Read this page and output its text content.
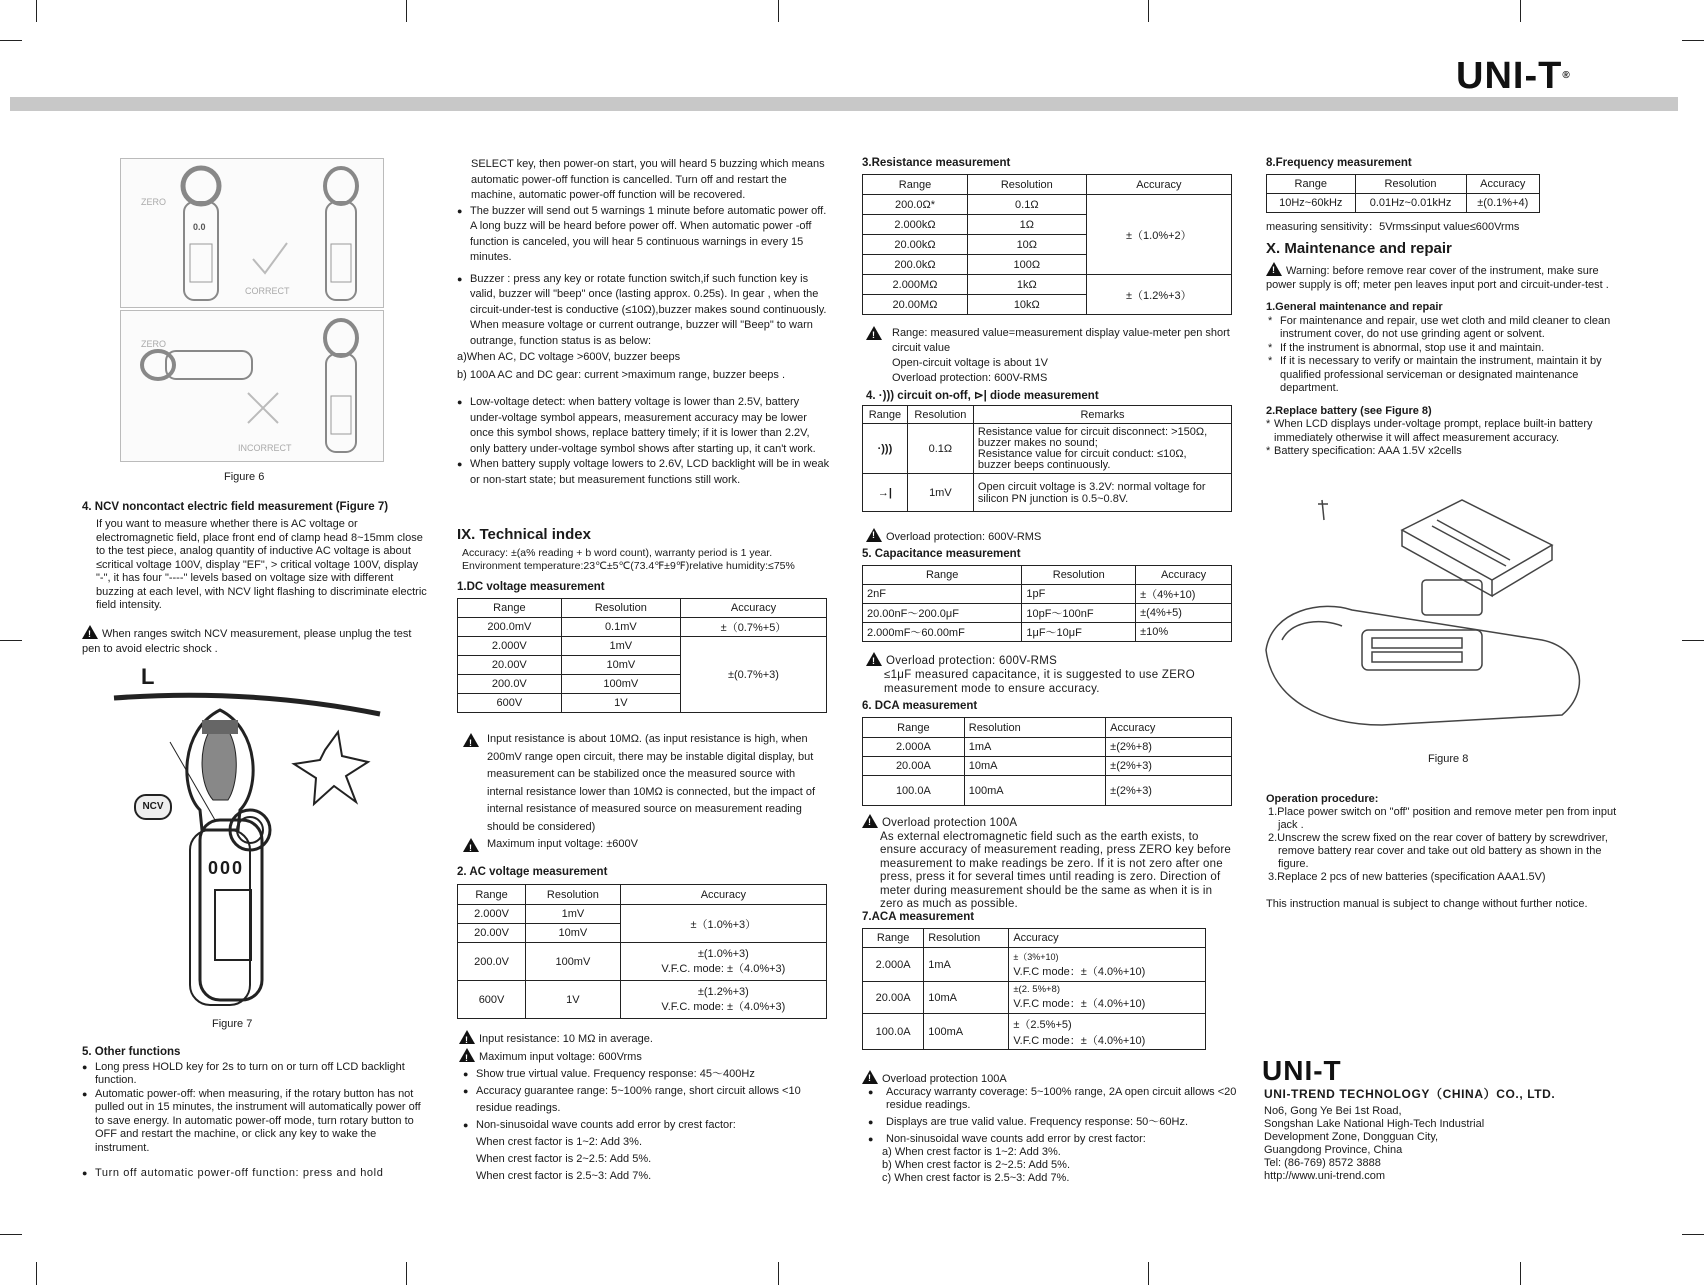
UNI-T®
ZERO
0.0
CORRECT
ZERO
INCORRECT
Figure 6

4. NCV noncontact electric field measurement (Figure 7)

If you want to measure whether there is AC voltage or electromagnetic field, place front end of clamp head 8~15mm close to the test piece, analog quantity of inductive AC voltage is about ≤critical voltage 100V, display "EF", > critical voltage 100V, display "-", it has four "----" levels based on voltage size with different buzzing at each level, with NCV light flashing to discriminate electric field intensity.

!When ranges switch NCV measurement, please unplug the test pen to avoid electric shock .

L
NCV
000
Figure 7

5. Other functions

● Long press HOLD key for 2s to turn on or turn off LCD backlight function.

● Automatic power-off: when measuring, if the rotary button has not pulled out in 15 minutes, the instrument will automatically power off to save energy. In automatic power-off mode, turn rotary button to OFF and restart the machine, or click any key to wake the instrument.

● Turn off automatic power-off function: press and hold

SELECT key, then power-on start, you will heard 5 buzzing which means automatic power-off function is cancelled. Turn off and restart the machine, automatic power-off function will be recovered.

● The buzzer will send out 5 warnings 1 minute before automatic power off. A long buzz will be heard before power off. When automatic power -off function is canceled, you will hear 5 continuous warnings in every 15 minutes.

● Buzzer : press any key or rotate function switch,if such function key is valid, buzzer will "beep" once (lasting approx. 0.25s). In gear , when the circuit-under-test is conductive (≤10Ω),buzzer makes sound continuously. When measure voltage or current outrange, buzzer will "Beep" to warn outrange, function status is as below:

a)When AC, DC voltage >600V, buzzer beeps

b) 100A AC and DC gear: current >maximum range, buzzer beeps .

● Low-voltage detect: when battery voltage is lower than 2.5V, battery under-voltage symbol appears, measurement accuracy may be lower once this symbol shows, replace battery timely; if it is lower than 2.2V, only battery under-voltage symbol shows after starting up, it can't work.

● When battery supply voltage lowers to 2.6V, LCD backlight will be in weak or non-start state; but measurement functions still work.

IX. Technical index

Accuracy: ±(a% reading + b word count), warranty period is 1 year.

Environment temperature:23℃±5℃(73.4℉±9℉)relative humidity:≤75%

1.DC voltage measurement
Range	Resolution	Accuracy
200.0mV	0.1mV	±（0.7%+5）
2.000V	1mV	±(0.7%+3)
20.00V	10mV	
200.0V	100mV	
600V	1V	

!
Input resistance is about 10MΩ. (as input resistance is high, when 200mV range open circuit, there may be instable digital display, but measurement can be stabilized once the measured source with internal resistance lower than 10MΩ is connected, but the impact of internal resistance of measured source on measurement reading should be considered)

!
Maximum input voltage: ±600V

2. AC voltage measurement
Range	Resolution	Accuracy
2.000V	1mV	±（1.0%+3）
20.00V	10mV	
200.0V	100mV	±(1.0%+3)
V.F.C. mode: ±（4.0%+3)

600V	1V	±(1.2%+3)
V.F.C. mode: ±（4.0%+3)

!Input resistance: 10 MΩ in average.

!Maximum input voltage: 600Vrms

● Show true virtual value. Frequency response: 45～400Hz

● Accuracy guarantee range: 5~100% range, short circuit allows <10 residue readings.

● Non-sinusoidal wave counts add error by crest factor:

When crest factor is 1~2: Add 3%.

When crest factor is 2~2.5: Add 5%.

When crest factor is 2.5~3: Add 7%.

3.Resistance measurement
Range	Resolution	Accuracy
200.0Ω*	0.1Ω	±（1.0%+2）
2.000kΩ	1Ω	
20.00kΩ	10Ω	
200.0kΩ	100Ω	
2.000MΩ	1kΩ	±（1.2%+3）
20.00MΩ	10kΩ	

!
Range: measured value=measurement display value-meter pen short circuit value

Open-circuit voltage is about 1V

Overload protection: 600V-RMS

4. ·))) circuit on-off, ⊳| diode measurement
Range	Resolution	Remarks
·)))	0.1Ω	Resistance value for circuit disconnect: >150Ω,
buzzer makes no sound;
Resistance value for circuit conduct: ≤10Ω,
buzzer beeps continuously.

→|	1mV	Open circuit voltage is 3.2V: normal voltage for
silicon PN junction is 0.5~0.8V.
!Overload protection: 600V-RMS
5. Capacitance measurement
Range	Resolution	Accuracy
2nF	1pF	±（4%+10)
20.00nF～200.0μF	10pF～100nF	±(4%+5)
2.000mF～60.00mF	1μF～10μF	±10%

!Overload protection: 600V-RMS

≤1μF measured capacitance, it is suggested to use ZERO measurement mode to ensure accuracy.

6. DCA measurement
Range	Resolution	Accuracy
2.000A	1mA	±(2%+8)
20.00A	10mA	±(2%+3)
100.0A	100mA	±(2%+3)

!Overload protection 100A

As external electromagnetic field such as the earth exists, to ensure accuracy of measurement reading, press ZERO key before measurement to make readings be zero. If it is not zero after one press, press it for several times until reading is zero. Direction of meter during measurement should be the same as when it is in zero as much as possible.

7.ACA measurement
Range	Resolution	Accuracy
2.000A	1mA	±（3%+10)
V.F.C mode：±（4.0%+10)

20.00A	10mA	±(2. 5%+8)
V.F.C mode：±（4.0%+10)

100.0A	100mA	±（2.5%+5)
V.F.C mode：±（4.0%+10)

!Overload protection 100A

● Accuracy warranty coverage: 5~100% range, 2A open circuit allows <20 residue readings.

● Displays are true valid value. Frequency response: 50～60Hz.

● Non-sinusoidal wave counts add error by crest factor:

a) When crest factor is 1~2: Add 3%.

b) When crest factor is 2~2.5: Add 5%.

c) When crest factor is 2.5~3: Add 7%.

8.Frequency measurement
Range	Resolution	Accuracy
10Hz~60kHz	0.01Hz~0.01kHz	±(0.1%+4)
measuring sensitivity：5Vrms≤input value≤600Vrms
X. Maintenance and repair

!Warning: before remove rear cover of the instrument, make sure power supply is off; meter pen leaves input port and circuit-under-test .

1.General maintenance and repair

* For maintenance and repair, use wet cloth and mild cleaner to clean instrument cover, do not use grinding agent or solvent.

* If the instrument is abnormal, stop use it and maintain.

* If it is necessary to verify or maintain the instrument, maintain it by qualified professional serviceman or designated maintenance department.

2.Replace battery (see Figure 8)

* When LCD displays under-voltage prompt, replace built-in battery immediately otherwise it will affect measurement accuracy.

* Battery specification: AAA 1.5V x2cells

Figure 8

Operation procedure:

1.Place power switch on "off" position and remove meter pen from input jack .

2.Unscrew the screw fixed on the rear cover of battery by screwdriver, remove battery rear cover and take out old battery as shown in the figure.

3.Replace 2 pcs of new batteries (specification AAA1.5V)

This instruction manual is subject to change without further notice.

UNI-T
UNI-TREND TECHNOLOGY（CHINA）CO., LTD.

No6, Gong Ye Bei 1st Road,

Songshan Lake National High-Tech Industrial

Development Zone, Dongguan City,

Guangdong Province, China

Tel: (86-769) 8572 3888

http://www.uni-trend.com
